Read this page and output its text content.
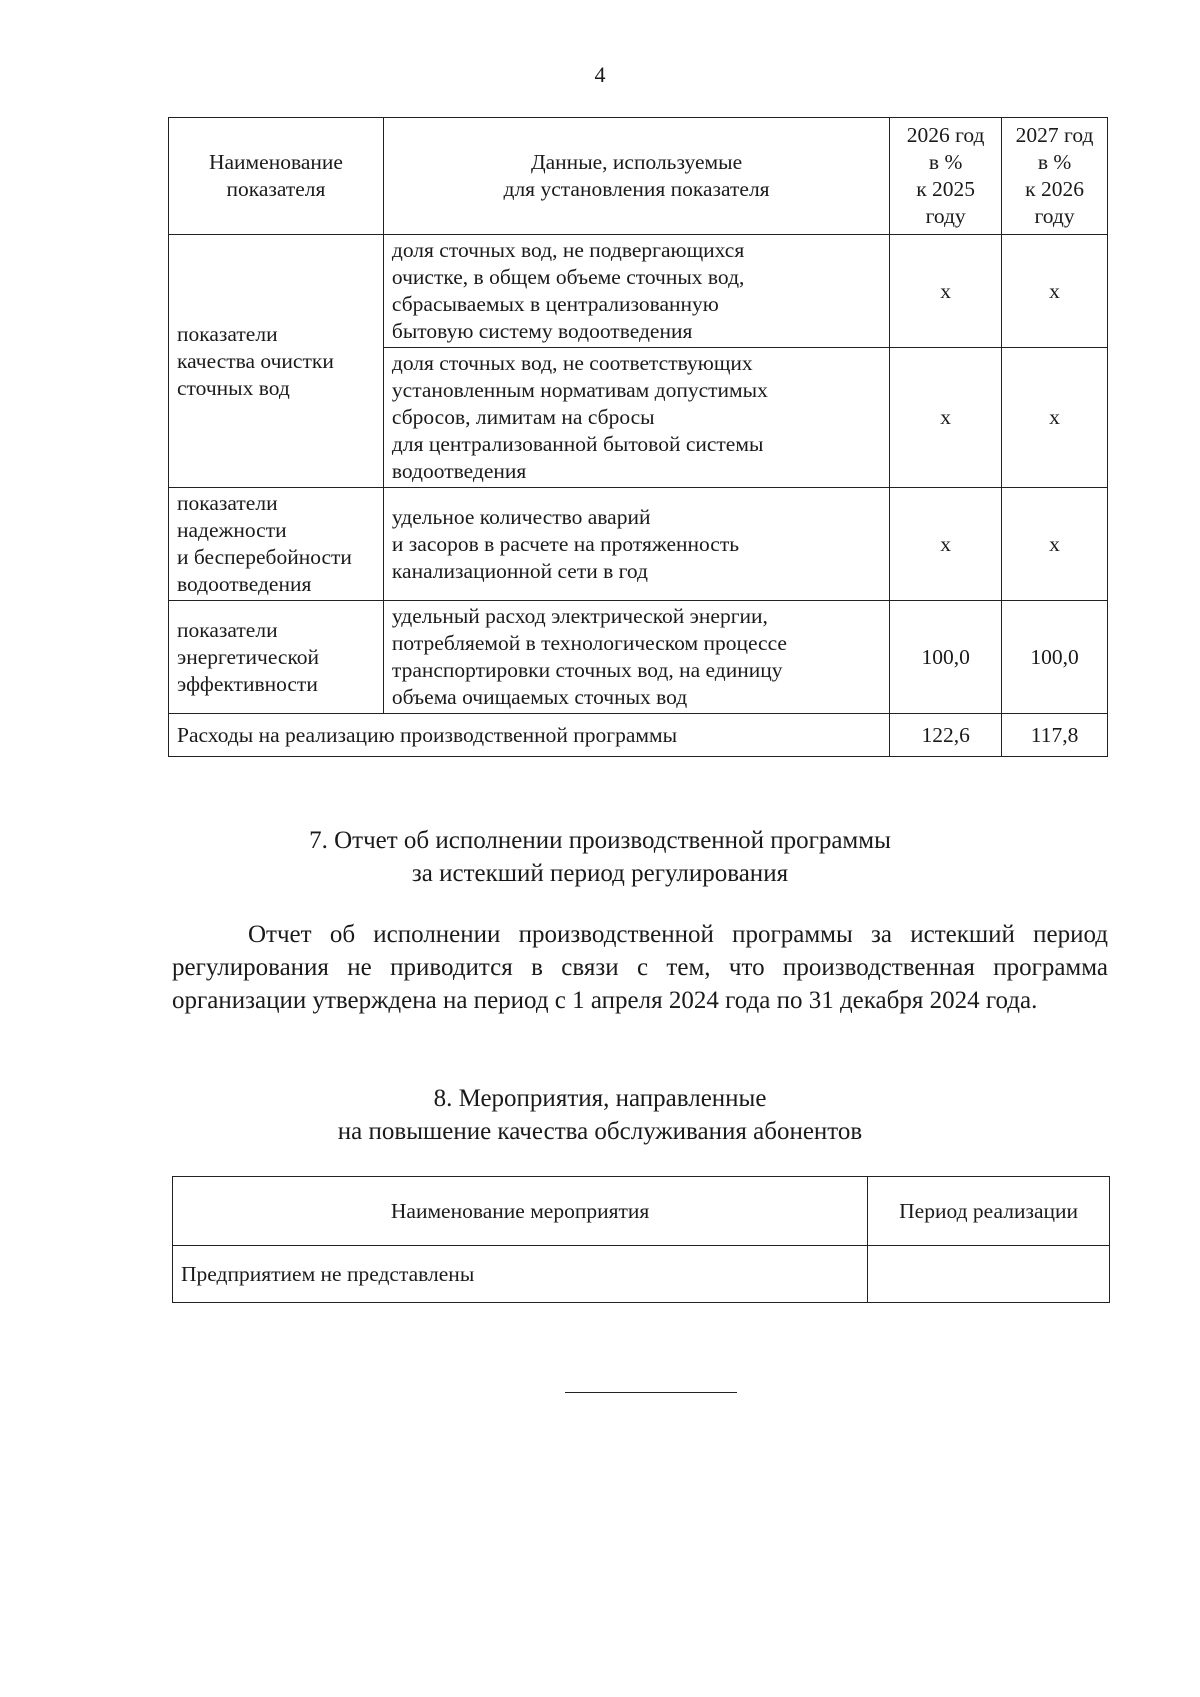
4
Наименование
показателя	Данные, используемые
для установления показателя	2026 год
в %
к 2025
году	2027 год
в %
к 2026
году
показатели
качества очистки
сточных вод	доля сточных вод, не подвергающихся
очистке, в общем объеме сточных вод,
сбрасываемых в централизованную
бытовую систему водоотведения	х	х
	доля сточных вод, не соответствующих
установленным нормативам допустимых
сбросов, лимитам на сбросы
для централизованной бытовой системы
водоотведения	х	х
показатели
надежности
и бесперебойности
водоотведения	удельное количество аварий
и засоров в расчете на протяженность
канализационной сети в год	х	х
показатели
энергетической
эффективности	удельный расход электрической энергии,
потребляемой в технологическом процессе
транспортировки сточных вод, на единицу
объема очищаемых сточных вод	100,0	100,0
Расходы на реализацию производственной программы		122,6	117,8
7. Отчет об исполнении производственной программы
за истекший период регулирования

Отчет об исполнении производственной программы за истекший период регулирования не приводится в связи с тем, что производственная программа организации утверждена на период с 1 апреля 2024 года по 31 декабря 2024 года.

8. Мероприятия, направленные
на повышение качества обслуживания абонентов
Наименование мероприятия	Период реализации
Предприятием не представлены	
